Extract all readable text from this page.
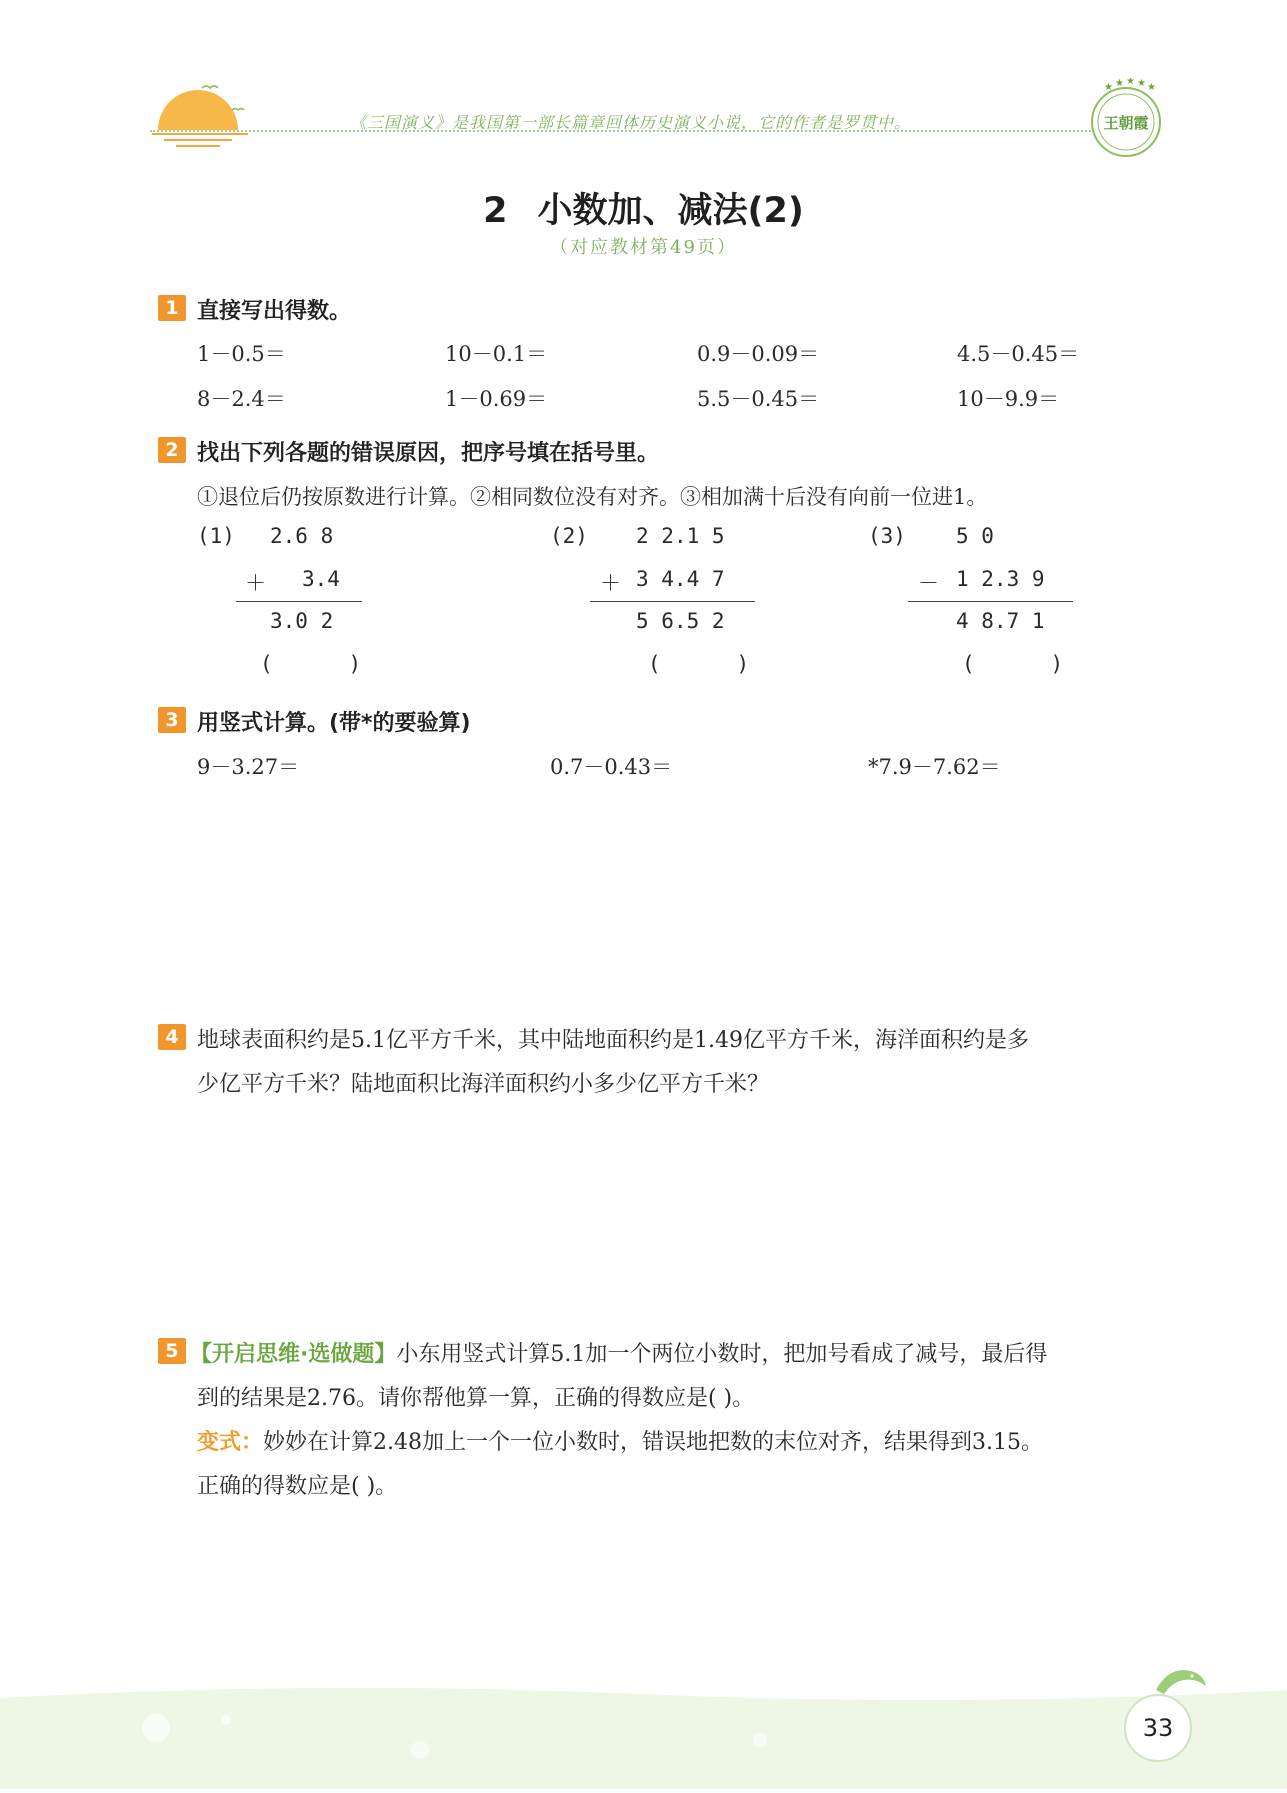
《三国演义》是我国第一部长篇章回体历史演义小说，它的作者是罗贯中。
★ ★ ★ ★ ★
王朝霞
2 小数加、减法(2)
（对应教材第49页）
1 直接写出得数。
1－0.5＝	10－0.1＝	0.9－0.09＝	4.5－0.45＝
8－2.4＝	1－0.69＝	5.5－0.45＝	10－9.9＝
2 找出下列各题的错误原因，把序号填在括号里。
①退位后仍按原数进行计算。②相同数位没有对齐。③相加满十后没有向前一位进1。
(1) 2.6 8
＋ 3.4
3.0 2
(      )
(2) 2 2.1 5
＋ 3 4.4 7
5 6.5 2
(      )
(3) 5 0
－ 1 2.3 9
4 8.7 1
(      )
3 用竖式计算。(带*的要验算)
9－3.27＝	0.7－0.43＝	*7.9－7.62＝
4 地球表面积约是5.1亿平方千米，其中陆地面积约是1.49亿平方千米，海洋面积约是多
少亿平方千米？陆地面积比海洋面积约小多少亿平方千米？
5 【开启思维·选做题】小东用竖式计算5.1加一个两位小数时，把加号看成了减号，最后得
到的结果是2.76。请你帮他算一算，正确的得数应是( )。
变式：妙妙在计算2.48加上一个一位小数时，错误地把数的末位对齐，结果得到3.15。
正确的得数应是( )。
33
